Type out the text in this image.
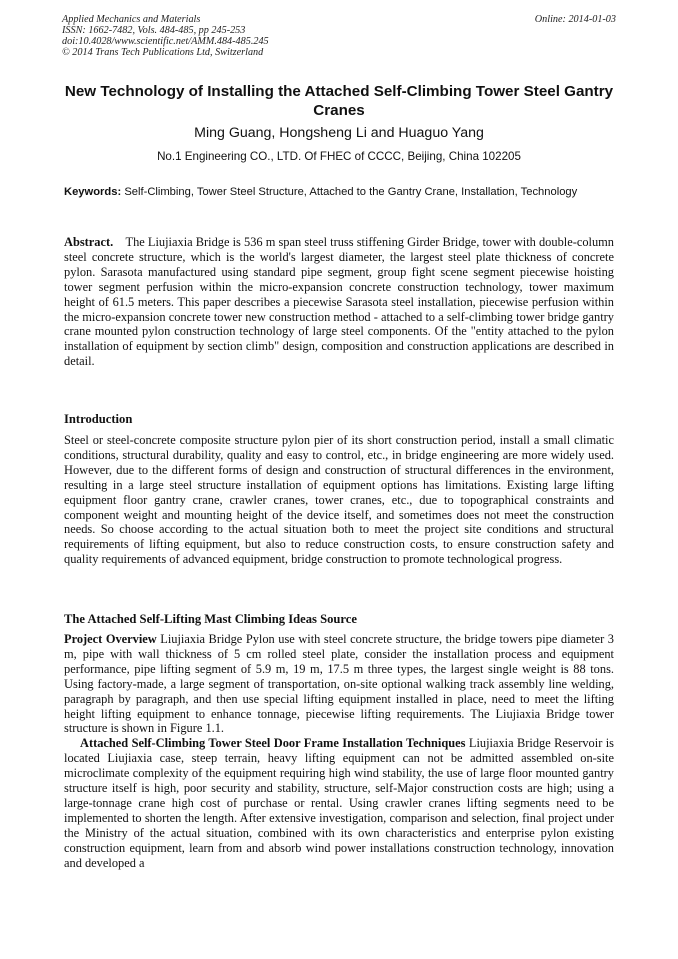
Applied Mechanics and Materials
ISSN: 1662-7482, Vols. 484-485, pp 245-253
doi:10.4028/www.scientific.net/AMM.484-485.245
© 2014 Trans Tech Publications Ltd, Switzerland
Online: 2014-01-03
New Technology of Installing the Attached Self-Climbing Tower Steel Gantry Cranes
Ming Guang, Hongsheng Li and Huaguo Yang
No.1 Engineering CO., LTD. Of FHEC of CCCC, Beijing, China 102205
Keywords: Self-Climbing, Tower Steel Structure, Attached to the Gantry Crane, Installation, Technology

Abstract. The Liujiaxia Bridge is 536 m span steel truss stiffening Girder Bridge, tower with double-column steel concrete structure, which is the world's largest diameter, the largest steel plate thickness of concrete pylon. Sarasota manufactured using standard pipe segment, group fight scene segment piecewise hoisting tower segment perfusion within the micro-expansion concrete construction technology, tower maximum height of 61.5 meters. This paper describes a piecewise Sarasota steel installation, piecewise perfusion within the micro-expansion concrete tower new construction method - attached to a self-climbing tower bridge gantry crane mounted pylon construction technology of large steel components. Of the "entity attached to the pylon installation of equipment by section climb" design, composition and construction applications are described in detail.

Introduction

Steel or steel-concrete composite structure pylon pier of its short construction period, install a small climatic conditions, structural durability, quality and easy to control, etc., in bridge engineering are more widely used. However, due to the different forms of design and construction of structural differences in the environment, resulting in a large steel structure installation of equipment options has limitations. Existing large lifting equipment floor gantry crane, crawler cranes, tower cranes, etc., due to topographical constraints and component weight and mounting height of the device itself, and sometimes does not meet the construction needs. So choose according to the actual situation both to meet the project site conditions and structural requirements of lifting equipment, but also to reduce construction costs, to ensure construction safety and quality requirements of advanced equipment, bridge construction to promote technological progress.

The Attached Self-Lifting Mast Climbing Ideas Source

Project Overview Liujiaxia Bridge Pylon use with steel concrete structure, the bridge towers pipe diameter 3 m, pipe with wall thickness of 5 cm rolled steel plate, consider the installation process and equipment performance, pipe lifting segment of 5.9 m, 19 m, 17.5 m three types, the largest single weight is 88 tons. Using factory-made, a large segment of transportation, on-site optional walking track assembly line welding, paragraph by paragraph, and then use special lifting equipment installed in place, need to meet the lifting height lifting equipment to enhance tonnage, piecewise lifting requirements. The Liujiaxia Bridge tower structure is shown in Figure 1.1.

Attached Self-Climbing Tower Steel Door Frame Installation Techniques Liujiaxia Bridge Reservoir is located Liujiaxia case, steep terrain, heavy lifting equipment can not be admitted assembled on-site microclimate complexity of the equipment requiring high wind stability, the use of large floor mounted gantry structure itself is high, poor security and stability, structure, self-Major construction costs are high; using a large-tonnage crane high cost of purchase or rental. Using crawler cranes lifting segments need to be implemented to shorten the length. After extensive investigation, comparison and selection, final project under the Ministry of the actual situation, combined with its own characteristics and enterprise pylon existing construction equipment, learn from and absorb wind power installations construction technology, innovation and developed a
